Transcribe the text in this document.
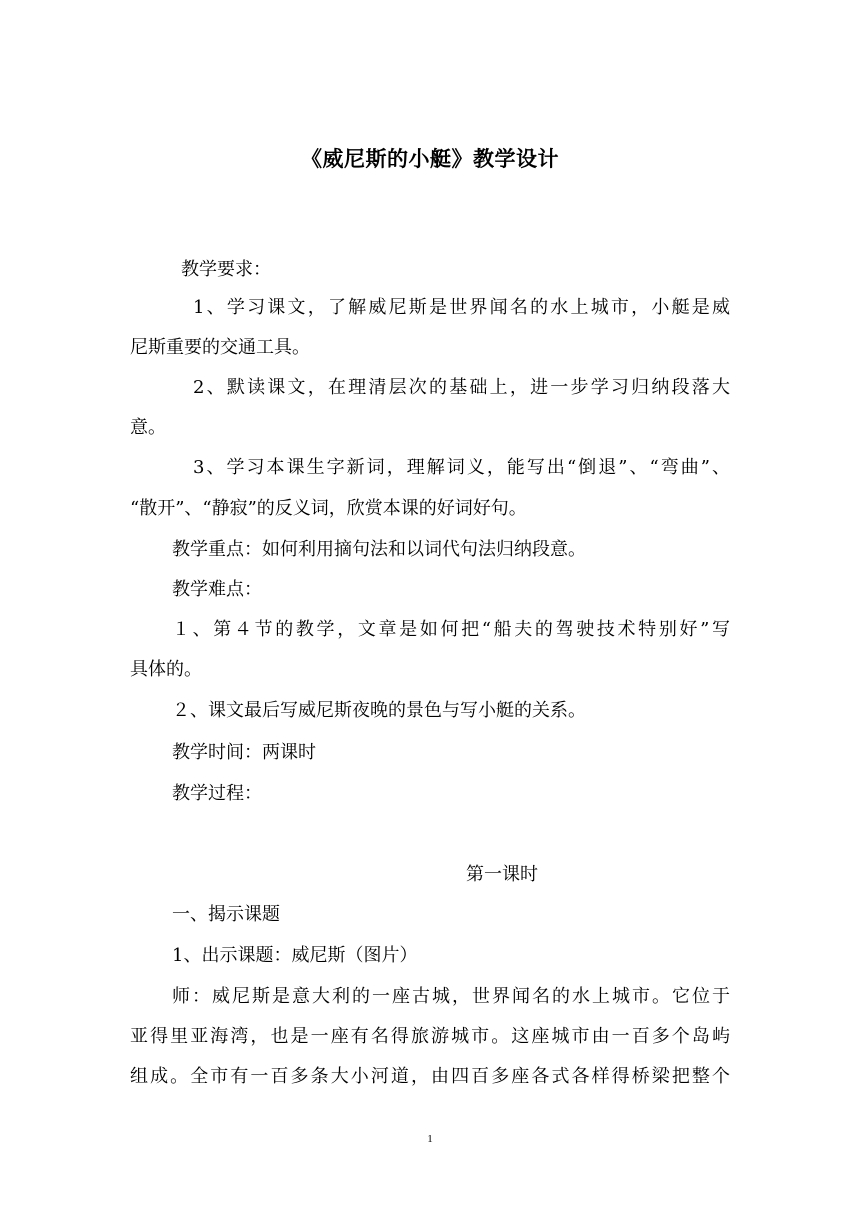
《威尼斯的小艇》教学设计
教学要求：
1、学习课文，了解威尼斯是世界闻名的水上城市，小艇是威
尼斯重要的交通工具。
2、默读课文，在理清层次的基础上，进一步学习归纳段落大
意。
3、学习本课生字新词，理解词义，能写出“倒退”、“弯曲”、
“散开”、“静寂”的反义词，欣赏本课的好词好句。
教学重点：如何利用摘句法和以词代句法归纳段意。
教学难点：
１、第４节的教学，文章是如何把“船夫的驾驶技术特别好”写
具体的。
２、课文最后写威尼斯夜晚的景色与写小艇的关系。
教学时间：两课时
教学过程：
第一课时
一、揭示课题
1、出示课题：威尼斯（图片）
师：威尼斯是意大利的一座古城，世界闻名的水上城市。它位于
亚得里亚海湾，也是一座有名得旅游城市。这座城市由一百多个岛屿
组成。全市有一百多条大小河道，由四百多座各式各样得桥梁把整个
1
